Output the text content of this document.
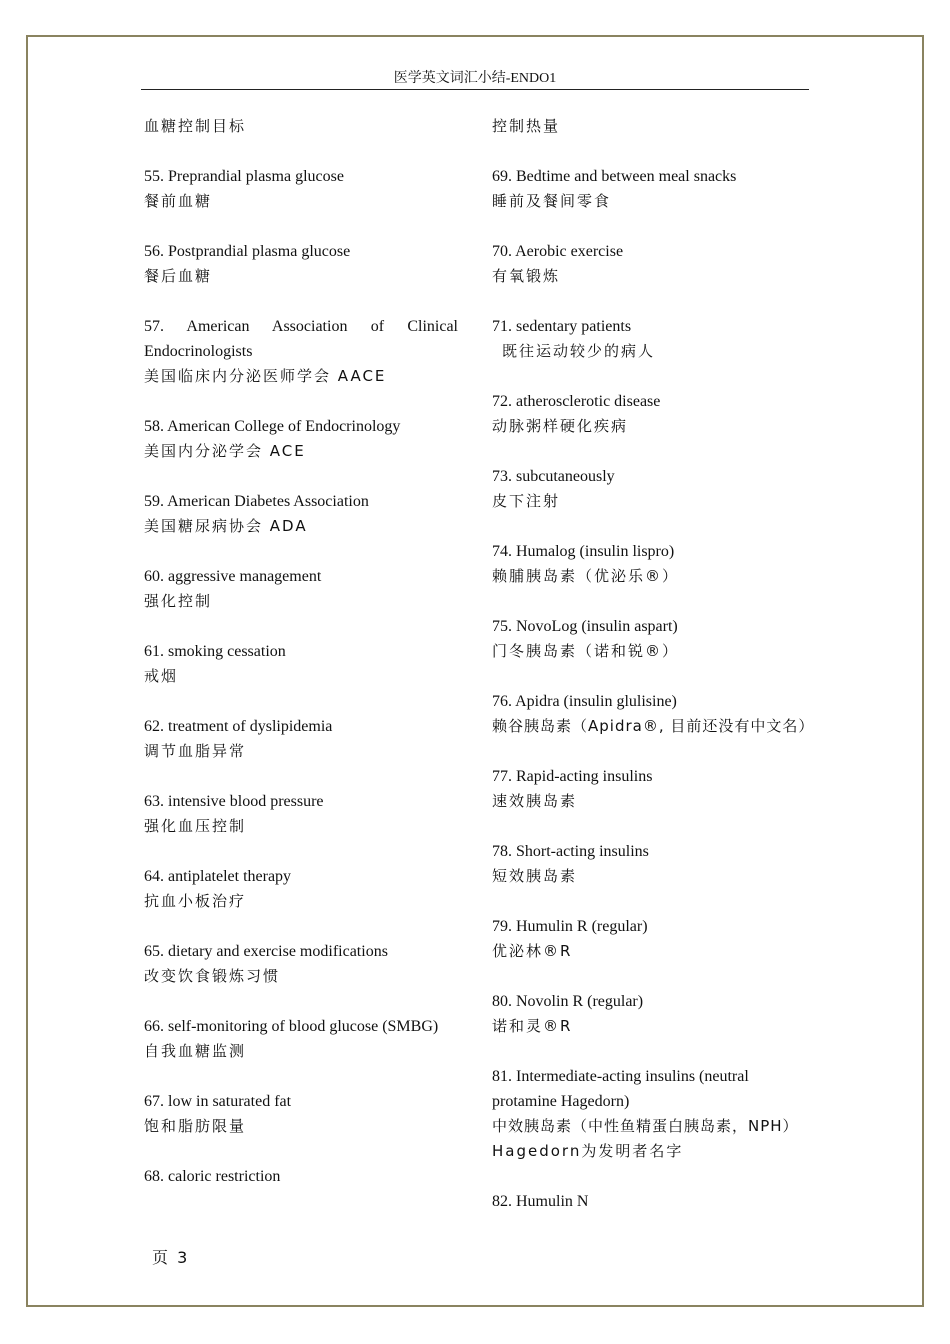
医学英文词汇小结-ENDO1
血糖控制目标
55. Preprandial plasma glucose
餐前血糖
56. Postprandial plasma glucose
餐后血糖
57. American Association of Clinical Endocrinologists
美国临床内分泌医师学会 AACE
58. American College of Endocrinology
美国内分泌学会 ACE
59. American Diabetes Association
美国糖尿病协会 ADA
60. aggressive management
强化控制
61. smoking cessation
戒烟
62. treatment of dyslipidemia
调节血脂异常
63. intensive blood pressure
强化血压控制
64. antiplatelet therapy
抗血小板治疗
65. dietary and exercise modifications
改变饮食锻炼习惯
66. self-monitoring of blood glucose (SMBG)
自我血糖监测
67. low in saturated fat
饱和脂肪限量
68. caloric restriction
控制热量
69. Bedtime and between meal snacks
睡前及餐间零食
70. Aerobic exercise
有氧锻炼
71. sedentary patients
既往运动较少的病人
72. atherosclerotic disease
动脉粥样硬化疾病
73. subcutaneously
皮下注射
74. Humalog (insulin lispro)
赖脯胰岛素（优泌乐®）
75. NovoLog (insulin aspart)
门冬胰岛素（诺和锐®）
76. Apidra (insulin glulisine)
赖谷胰岛素（Apidra®, 目前还没有中文名）
77. Rapid-acting insulins
速效胰岛素
78. Short-acting insulins
短效胰岛素
79. Humulin R (regular)
优泌林®R
80. Novolin R (regular)
诺和灵®R
81. Intermediate-acting insulins (neutral protamine Hagedorn)
中效胰岛素（中性鱼精蛋白胰岛素，NPH）
Hagedorn为发明者名字
82. Humulin N
页 3
